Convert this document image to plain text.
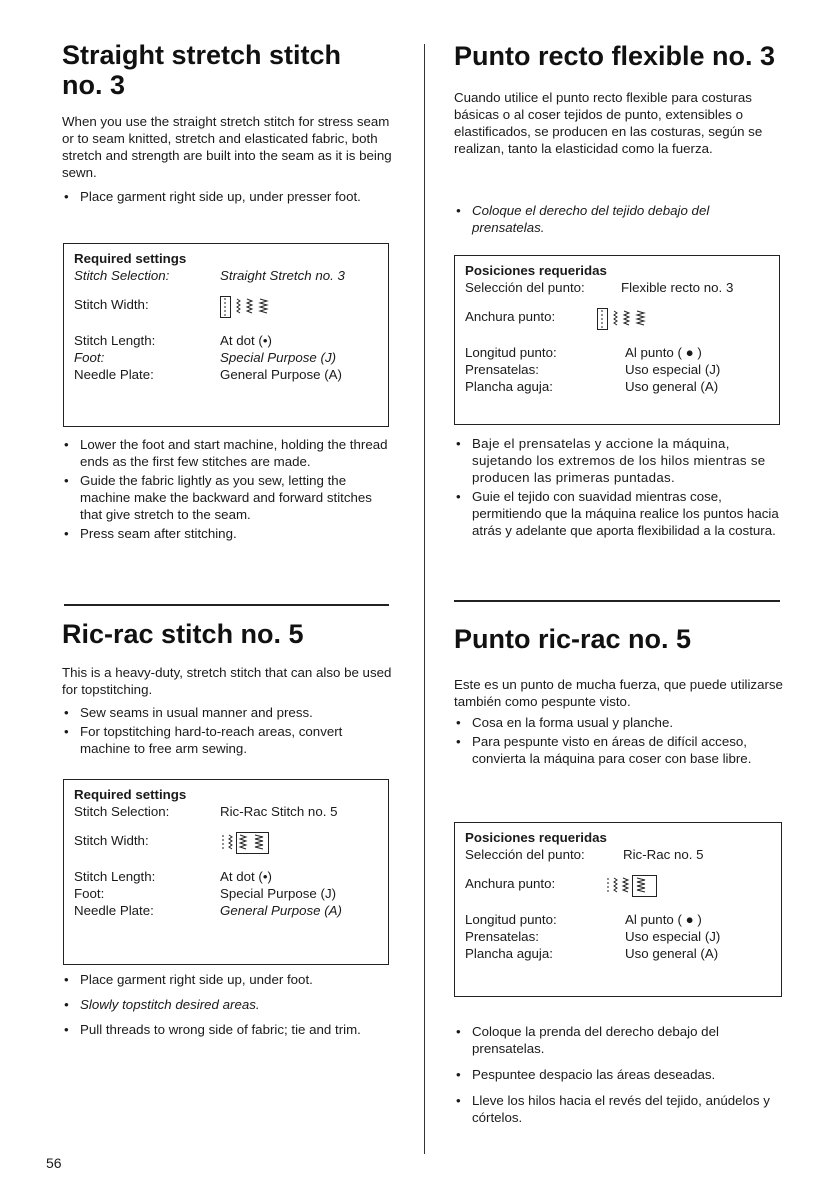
Straight stretch stitch no. 3

When you use the straight stretch stitch for stress seam or to seam knitted, stretch and elasticated fabric, both stretch and strength are built into the seam as it is being sewn.

• Place garment right side up, under presser foot.
Required settings
Stitch Selection:	Straight Stretch no. 3
Stitch Width:
Stitch Length:	At dot (•)
Foot:	Special Purpose (J)
Needle Plate:	General Purpose (A)
• Lower the foot and start machine, holding the thread ends as the first few stitches are made.
• Guide the fabric lightly as you sew, letting the machine make the backward and forward stitches that give stretch to the seam.
• Press seam after stitching.
Ric-rac stitch no. 5

This is a heavy-duty, stretch stitch that can also be used for topstitching.

• Sew seams in usual manner and press.
• For topstitching hard-to-reach areas, convert machine to free arm sewing.
Required settings
Stitch Selection:	Ric-Rac Stitch no. 5
Stitch Width:
Stitch Length:	At dot (•)
Foot:	Special Purpose (J)
Needle Plate:	General Purpose (A)
• Place garment right side up, under foot.
• Slowly topstitch desired areas.
• Pull threads to wrong side of fabric; tie and trim.
Punto recto flexible no. 3

Cuando utilice el punto recto flexible para costuras básicas o al coser tejidos de punto, extensibles o elastificados, se producen en las costuras, según se realizan, tanto la elasticidad como la fuerza.

• Coloque el derecho del tejido debajo del prensatelas.
Posiciones requeridas
Selección del punto:	Flexible recto no. 3
Anchura punto:
Longitud punto:	Al punto ( ● )
Prensatelas:	Uso especial (J)
Plancha aguja:	Uso general (A)
• Baje el prensatelas y accione la máquina, sujetando los extremos de los hilos mientras se producen las primeras puntadas.
• Guie el tejido con suavidad mientras cose, permitiendo que la máquina realice los puntos hacia atrás y adelante que aporta flexibilidad a la costura.
Punto ric-rac no. 5

Este es un punto de mucha fuerza, que puede utilizarse también como pespunte visto.

• Cosa en la forma usual y planche.
• Para pespunte visto en áreas de difícil acceso, convierta la máquina para coser con base libre.
Posiciones requeridas
Selección del punto:	Ric-Rac no. 5
Anchura punto:
Longitud punto:	Al punto ( ● )
Prensatelas:	Uso especial (J)
Plancha aguja:	Uso general (A)
• Coloque la prenda del derecho debajo del prensatelas.
• Pespuntee despacio las áreas deseadas.
• Lleve los hilos hacia el revés del tejido, anúdelos y córtelos.
56
